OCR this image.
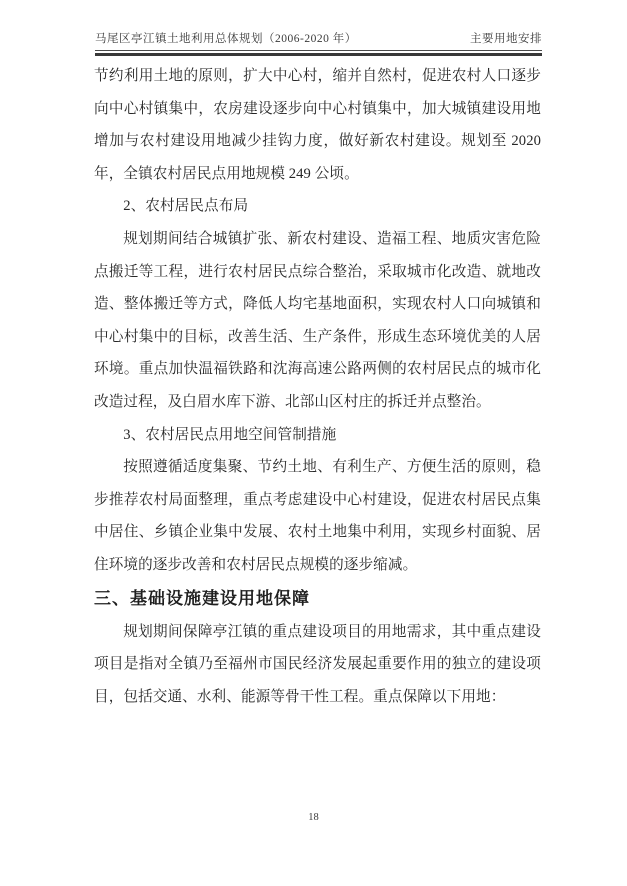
马尾区亭江镇土地利用总体规划（2006-2020 年）	主要用地安排

节约利用土地的原则，扩大中心村，缩并自然村，促进农村人口逐步向中心村镇集中，农房建设逐步向中心村镇集中，加大城镇建设用地增加与农村建设用地减少挂钩力度，做好新农村建设。规划至 2020 年，全镇农村居民点用地规模 249 公顷。

2、农村居民点布局

规划期间结合城镇扩张、新农村建设、造福工程、地质灾害危险点搬迁等工程，进行农村居民点综合整治，采取城市化改造、就地改造、整体搬迁等方式，降低人均宅基地面积，实现农村人口向城镇和中心村集中的目标，改善生活、生产条件，形成生态环境优美的人居环境。重点加快温福铁路和沈海高速公路两侧的农村居民点的城市化改造过程，及白眉水库下游、北部山区村庄的拆迁并点整治。

3、农村居民点用地空间管制措施

按照遵循适度集聚、节约土地、有利生产、方便生活的原则，稳步推荐农村局面整理，重点考虑建设中心村建设，促进农村居民点集中居住、乡镇企业集中发展、农村土地集中利用，实现乡村面貌、居住环境的逐步改善和农村居民点规模的逐步缩减。

三、基础设施建设用地保障

规划期间保障亭江镇的重点建设项目的用地需求，其中重点建设项目是指对全镇乃至福州市国民经济发展起重要作用的独立的建设项目，包括交通、水利、能源等骨干性工程。重点保障以下用地：

18
